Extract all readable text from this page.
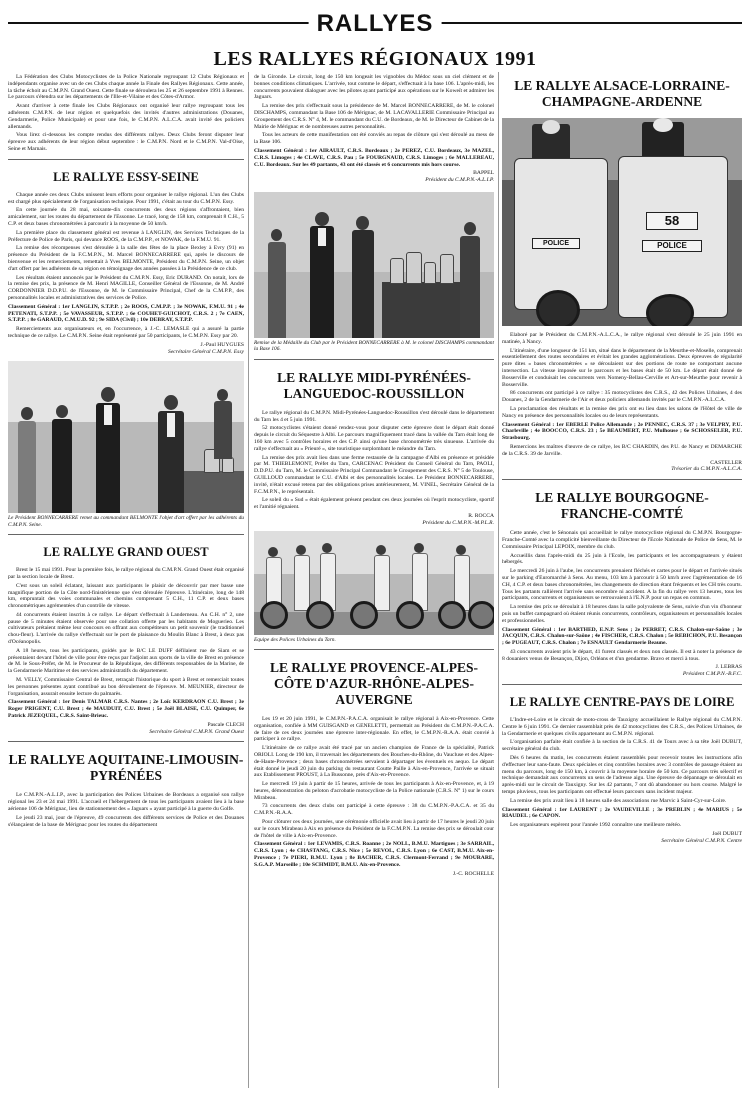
RALLYES
LES RALLYES RÉGIONAUX 1991

La Fédération des Clubs Motocyclistes de la Police Nationale regroupant 12 Clubs Régionaux et indépendants organise avec un de ces Clubs chaque année la Finale des Rallyes Régionaux. Cette année, la tâche échoit au C.M.P.N. Grand Ouest. Cette finale se déroulera les 25 et 26 septembre 1991 à Rennes. Le parcours s'étendra sur les départements de l'Ille-et-Vilaine et des Côtes-d'Armor.

Avant d'arriver à cette finale les Clubs Régionaux ont organisé leur rallye regroupant tous les adhérents C.M.P.N. de leur région et quelquefois des invités d'autres administrations (Douanes, Gendarmerie, Police Municipale) et pour une fois, le C.M.P.N. A.L.C.A. avait invité des policiers allemands.

Vous lirez ci-dessous les compte rendus des différents rallyes. Deux Clubs feront disputer leur épreuve aux adhérents de leur région début septembre : le C.M.P.N. Nord et le C.M.P.N. Val-d'Oise, Seine et Marnais.

LE RALLYE ESSY-SEINE

Chaque année ces deux Clubs unissent leurs efforts pour organiser le rallye régional. L'un des Clubs est chargé plus spécialement de l'organisation technique. Pour 1991, c'était au tour du C.M.P.N. Essy.

En cette journée du 28 mai, soixante-dix concurrents des deux régions s'affrontaient, bien amicalement, sur les routes du département de l'Essonne. Le tracé, long de 158 km, comprenait 8 C.H., 5 C.P. et deux bases chronométrées à parcourir à la moyenne de 50 km/h.

La première place du classement général est revenue à LANGLIN, des Services Techniques de la Préfecture de Police de Paris, qui devance ROOS, de la C.M.P.P., et NOWAK, de la F.M.U. 91.

La remise des récompenses s'est déroulée à la salle des fêtes de la place Bexley à Evry (91) en présence du Président de la F.C.M.P.N., M. Marcel BONNECARRERE qui, après le discours de bienvenue et les remerciements, remettait à Yves BELMONTE, Président du C.M.P.N. Seine, un objet d'art offert par les adhérents de sa région en témoignage des années passées à la Présidence de ce club.

Les résultats étaient annoncés par le Président du C.M.P.N. Essy, Eric DURAND. On notait, lors de la remise des prix, la présence de M. Henri MAGILLE, Conseiller Général de l'Essonne, de M. André CORDONNIER D.D.P.U. de l'Essonne, de M. le Commissaire Principal, Chef de la C.M.P.P., des personnalités locales et administratives des services de Police.

Classement Général : 1er LANGLIN, S.T.P.P. ; 2e ROOS, C.M.P.P. ; 3e NOWAK, F.M.U. 91 ; 4e PETENATI, S.T.P.P. ; 5e VAVASSEUR, S.T.P.P. ; 6e COUHET-GUICHOT, C.R.S. 2 ; 7e CAEN, S.T.P.P. ; 8e GARAUD, C.M.U.D. 92 ; 9e SIDA (Civil) ; 10e DEBRAY, S.T.P.P.

Remerciements aux organisateurs et, en l'occurrence, à J.-C. LEMASLE qui a assuré la partie technique de ce rallye. Le C.M.P.N. Seine était représenté par 50 participants, le C.M.P.N. Essy par 20.

J.-Paul HUYGUES
Secrétaire Général C.M.P.N. Essy
Le Président BONNECARRERE remet au commandant BELMONTE l'objet d'art offert par les adhérents du C.M.P.N. Seine.
LE RALLYE GRAND OUEST

Brest le 15 mai 1991. Pour la première fois, le rallye régional du C.M.P.N. Grand Ouest était organisé par la section locale de Brest.

C'est sous un soleil éclatant, laissant aux participants le plaisir de découvrir par mer basse une magnifique portion de la Côte nord-finistérienne que s'est déroulée l'épreuve. L'itinéraire, long de 148 km, empruntait des voies communales et chemins comprenant 5 C.H., 11 C.P. et deux bases chronométriques agrémentées d'un contrôle de vitesse.

44 concurrents étaient inscrits à ce rallye. Le départ s'effectuait à Landerneau. Au C.H. n° 2, une pause de 5 minutes étaient observée pour une collation offerte par les habitants de Moguerieo. Les cultivateurs prétaient même leur concours en offrant aux compétiteurs un petit souvenir (le traditionnel chou-fleur). L'arrivée du rallye s'effectuait sur le port de plaisance du Moulin Blanc à Brest, à deux pas d'Océanopolis.

A 18 heures, tous les participants, guidés par le B/C LE DUFF défilaient rue de Siam et se présentaient devant l'hôtel de ville pour être reçus par l'adjoint aux sports de la ville de Brest en présence de M. le Sous-Préfet, de M. le Procureur de la République, des différents responsables de la Marine, de la Gendarmerie Maritime et des services administratifs du département.

M. VELLY, Commissaire Central de Brest, retraçait l'historique du sport à Brest et remerciait toutes les personnes présentes ayant contribué au bon déroulement de l'épreuve. M. MEUNIER, directeur de l'organisation, assurait ensuite lecture du palmarès.

Classement Général : 1er Denis TALMAR C.R.S. Nantes ; 2e Loïc KERDRAON C.U. Brest ; 3e Roger PRIGENT, C.U. Brest ; 4e MAUDUIT, C.U. Brest ; 5e Joël BLAISE, C.U. Quimper, 6e Patrick JEZEQUEL, C.R.S. Saint-Brieuc.

Pascale CLECH
Secrétaire Général C.M.P.N. Grand Ouest
LE RALLYE AQUITAINE-LIMOUSIN-PYRÉNÉES

Le C.M.P.N.-A.L.I.P., avec la participation des Polices Urbaines de Bordeaux a organisé son rallye régional les 23 et 24 mai 1991. L'accueil et l'hébergement de tous les participants avaient lieu à la base aérienne 106 de Mérignac, lieu de stationnement des « Jaguars » ayant participé à la guerre du Golfe.

Le jeudi 23 mai, jour de l'épreuve, 49 concurrents des différents services de Police et des Douanes s'élançaient de la base de Mérignac pour les routes du département

de la Gironde. Le circuit, long de 150 km longeait les vignobles du Médoc sous un ciel clément et de bonnes conditions climatiques. L'arrivée, tout comme le départ, s'effectuait à la base 106. L'après-midi, les concurrents pouvaient dialoguer avec les pilotes ayant participé aux opérations sur le Koweït et admirer les Jaguars.

La remise des prix s'effectuait sous la présidence de M. Marcel BONNECARRERE, de M. le colonel DISCHAMPS, commandant la Base 106 de Mérignac, de M. LACAVALLERIE Commissaire Principal au Groupement des C.R.S. N° 4, M. le commandant du C.U. de Bordeaux, de M. le Directeur de Cabinet de la Mairie de Mérignac et de nombreuses autres personnalités.

Tous les acteurs de cette manifestation ont été conviés au repas de clôture qui s'est déroulé au mess de la Base 106.

Classement Général : 1er AIRAULT, C.R.S. Bordeaux ; 2e PEREZ, C.U. Bordeaux, 3e MAZEL, C.R.S. Limoges ; 4e CLAVE, C.R.S. Pau ; 5e FOURGNAUD, C.R.S. Limoges ; 6e MALLEREAU, C.U. Bordeaux. Sur les 49 partants, 43 ont été classés et 6 concurrents mis hors course.

BAPPEL
Président du C.M.P.N.-A.L.I.P.
Remise de la Médaille du Club par le Président BONNECARRERE à M. le colonel DISCHAMPS commandant la Base 106.
LE RALLYE MIDI-PYRÉNÉES-LANGUEDOC-ROUSSILLON

Le rallye régional du C.M.P.N. Midi-Pyrénées-Languedoc-Roussillon s'est déroulé dans le département du Tarn les 4 et 5 juin 1991.

52 motocyclistes s'étaient donné rendez-vous pour disputer cette épreuve dont le départ était donné depuis le circuit du Séquestre à Albi. Le parcours magnifiquement tracé dans la vallée du Tarn était long de 160 km avec 5 contrôles horaires et des C.P. ainsi qu'une base chronométrée très sinueuse. L'arrivée du rallye s'effectuait au « Prieuré », site touristique surplombant le méandre du Tarn.

La remise des prix avait lieu dans une ferme restaurée de la campagne d'Albi en présence et présidée par M. THIEBLEMONT, Préfet du Tarn, CARCENAC Président du Conseil Général du Tarn, PAOLI, D.D.P.U. du Tarn, M. le Commissaire Principal Commandant le Groupement des C.R.S. N° 5 de Toulouse, GUILLOUD commandant le C.U. d'Albi et des personnalités locales. Le Président BONNECARRERE, invité, n'était excusé retenu par des obligations prises antérieurement, M. VINEL, Secrétaire Général de la F.C.M.P.N., le représentait.

Le soleil du « Sud » était également présent pendant ces deux journées où l'esprit motocycliste, sportif et l'amitié régnaient.

R. ROCCA
Président du C.M.P.N.-M.P.L.R.
Equipe des Polices Urbaines du Tarn.
LE RALLYE PROVENCE-ALPES-CÔTE D'AZUR-RHÔNE-ALPES-AUVERGNE

Les 19 et 20 juin 1991, le C.M.P.N.-P.A.C.A. organisait le rallye régional à Aix-en-Provence. Cette organisation, confiée à MM GUISGAND et GENELETTI, permettait au Président du C.M.P.N.-P.A.C.A. de faire de ces deux journées une épreuve inter-régionale. En effet, le C.M.P.N.-R.A.A. était convié à participer à ce rallye.

L'itinéraire de ce rallye avait été tracé par un ancien champion de France de la spécialité, Patrick ORIOLI. Long de 190 km, il traversait les départements des Bouches-du-Rhône, du Vaucluse et des Alpes-de-Haute-Provence ; deux bases chronométrées servaient à départager les éventuels ex aequo. Le départ était donné le jeudi 20 juin du parking du restaurant Coutte Paille à Aix-en-Provence, l'arrivée se situait aux Etablissement PROUST, à La Bussonne, près d'Aix-en-Provence.

Le mercredi 19 juin à partir de 15 heures, arrivée de tous les participants à Aix-en-Provence, et, à 19 heures, démonstration du peloton d'acrobatie motocycliste de la Police nationale (C.R.S. N° 1) sur le cours Mirabeau.

73 concurrents des deux clubs ont participé à cette épreuve : 38 du C.M.P.N.-P.A.C.A. et 35 du C.M.P.N.-R.A.A.

Pour clôturer ces deux journées, une cérémonie officielle avait lieu à partir de 17 heures le jeudi 20 juin sur le cours Mirabeau à Aix en présence du Président de la F.C.M.P.N. La remise des prix se déroulait cour de l'hôtel de ville à Aix-en-Provence.

Classement Général : 1er LEVAMIS, C.R.S. Roanne ; 2e NOLL, B.M.U. Martigues ; 3e SARRAIL, C.R.S. Lyon ; 4e CHASTANG, C.R.S. Nice ; 5e REVOL, C.R.S. Lyon ; 6e CAST, B.M.U. Aix-en-Provence ; 7e PIERI, B.M.U. Lyon ; 8e BACHER, C.R.S. Clermont-Ferrand ; 9e MOURARE, S.G.A.P. Marseille ; 10e SCHMIDT, B.M.U. Aix-en-Provence.

J.-C. ROCHELLE
LE RALLYE ALSACE-LORRAINE-CHAMPAGNE-ARDENNE
58
POLICE
POLICE

Elaboré par le Président du C.M.P.N.-A.L.C.A., le rallye régional s'est déroulé le 25 juin 1991 en matinée, à Nancy.

L'itinéraire, d'une longueur de 151 km, situé dans le département de la Meurthe-et-Moselle, comprenait essentiellement des routes secondaires et évitait les grandes agglomérations. Deux épreuves de régularité pure dites « bases chronométrées » se déroulaient sur des portions de route ne comportant aucune intersection. La vitesse imposée sur le parcours et les bases était de 50 km. Le départ était donné de Bosserville et conduisait les concurrents vers Nomeny-Bellau-Cerville et Art-sur-Meurthe pour revenir à Bosserville.

86 concurrents ont participé à ce rallye : 35 motocyclistes des C.R.S., 42 des Polices Urbaines, 4 des Douanes, 2 de la Gendarmerie de l'Air et deux policiers allemands invités par le C.M.P.N.-A.L.C.A.

La proclamation des résultats et la remise des prix ont eu lieu dans les salons de l'Hôtel de ville de Nancy en présence des personnalités locales ou de leurs représentants.

Classement Général : 1er EBERLE Police Allemande ; 2e PENNEC, C.R.S. 37 ; 3e VELPRY, P.U. Charleville ; 4e BOOCCO, C.R.S. 23 ; 5e BEAUMERT, P.U. Mulhouse ; 6e SCHOSSELER, P.U. Strasbourg.

Remercions les maîtres d'œuvre de ce rallye, les B/C CHARDIN, des P.U. de Nancy et DEMARCHE de la C.R.S. 39 de Jarville.

CASTELLER
Trésorier du C.M.P.N.-A.L.C.A.
LE RALLYE BOURGOGNE-FRANCHE-COMTÉ

Cette année, c'est le Sénonais qui accueillait le rallye motocycliste régional du C.M.P.N. Bourgogne-Franche-Comté avec la complicité bienveillante du Directeur de l'Ecole Nationale de Police de Sens, M. le Commissaire Principal LEPOIX, membre du club.

Accueillis dans l'après-midi du 25 juin à l'Ecole, les participants et les accompagnateurs y étaient hébergés.

Le mercredi 26 juin à l'aube, les concurrents prenaient fléchés et cartes pour le départ et l'arrivée situés sur le parking d'Euromarché à Sens. Au menu, 103 km à parcourir à 50 km/h avec l'agrémentation de 16 CH, 4 C.P. et deux bases chronométrées, les changements de direction étant fréquents et les CH très courts. Tous les partants rallièrent l'arrivée sans encombre ni accident. A la fin du rallye vers 13 heures, tous les participants, concurrents et organisateurs se retrouvaient à l'E.N.P. pour un repas en commun.

La remise des prix se déroulait à 18 heures dans la salle polyvalente de Sens, suivie d'un vin d'honneur puis un buffet campagnard où étaient réunis concurrents, contrôleurs, organisateurs et personnalités locales et professionnelles.

Classement Général : 1er BARTHED, E.N.P. Sens ; 2e PERRET, C.R.S. Chalon-sur-Saône ; 3e JACQUIN, C.R.S. Chalon-sur-Saône ; 4e FISCHER, C.R.S. Chalon ; 5e REBICHON, P.U. Besançon ; 6e PUGEAUT, C.R.S. Chalon ; 7e ESNAULT Gendarmerie Beaune.

43 concurrents avaient pris le départ, 41 furent classés et deux non classés. Il est à noter la présence de 8 douaniers venus de Besançon, Dijon, Orléans et d'un gendarme. Bravo et merci à tous.

J. LEBRAS
Président C.M.P.N.-B.F.C.
LE RALLYE CENTRE-PAYS DE LOIRE

L'Indre-et-Loire et le circuit de moto-cross de Tauxigny accueillaient le Rallye régional du C.M.P.N. Centre le 6 juin 1991. Ce dernier rassemblait près de 42 motocyclistes des C.R.S., des Polices Urbaines, de la Gendarmerie et quelques civils appartenant au C.M.P.N. régional.

L'organisation parfaite était confiée à la section de la C.R.S. 41 de Tours avec à sa tête Joël DUBUT, secrétaire général du club.

Dès 6 heures du matin, les concurrents étaient rassemblés pour recevoir toutes les instructions afin d'effectuer leur sans-faute. Deux spéciales et cinq contrôles horaires avec 3 contrôles de passage étaient au menu du parcours, long de 150 km, à couvrir à la moyenne horaire de 50 km. Ce parcours très sélectif et technique demandait aux concurrents un sens de l'adresse aigu. Une épreuve de dépannage se déroulait en après-midi sur le circuit de Tauxigny. Sur les 42 partants, 7 ont dû abandonner ou hors course. Malgré le temps pluvieux, tous les participants ont effectué leurs parcours sans incident majeur.

La remise des prix avait lieu à 18 heures salle des associations rue Marvic à Saint-Cyr-sur-Loire.

Classement Général : 1er LAURENT ; 2e VAUDEVILLE ; 3e PREBLIN ; 4e MARIUS ; 5e RIAUDEL ; 6e CAPON.

Les organisateurs espèrent pour l'année 1992 connaître une meilleure météo.

Joël DUBUT
Secrétaire Général C.M.P.N. Centre
